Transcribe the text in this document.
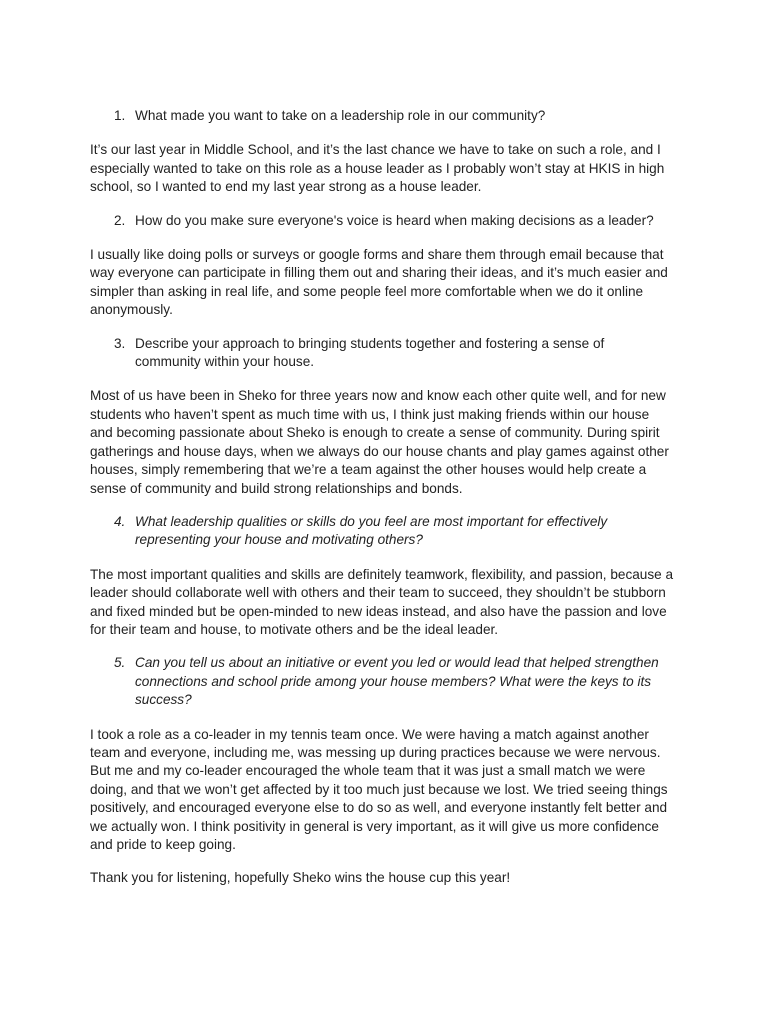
1. What made you want to take on a leadership role in our community?

It’s our last year in Middle School, and it’s the last chance we have to take on such a role, and I especially wanted to take on this role as a house leader as I probably won’t stay at HKIS in high school, so I wanted to end my last year strong as a house leader.

2. How do you make sure everyone's voice is heard when making decisions as a leader?

I usually like doing polls or surveys or google forms and share them through email because that way everyone can participate in filling them out and sharing their ideas, and it’s much easier and simpler than asking in real life, and some people feel more comfortable when we do it online anonymously.

3. Describe your approach to bringing students together and fostering a sense of community within your house.

Most of us have been in Sheko for three years now and know each other quite well, and for new students who haven’t spent as much time with us, I think just making friends within our house and becoming passionate about Sheko is enough to create a sense of community. During spirit gatherings and house days, when we always do our house chants and play games against other houses, simply remembering that we’re a team against the other houses would help create a sense of community and build strong relationships and bonds.

4. What leadership qualities or skills do you feel are most important for effectively representing your house and motivating others?

The most important qualities and skills are definitely teamwork, flexibility, and passion, because a leader should collaborate well with others and their team to succeed, they shouldn’t be stubborn and fixed minded but be open-minded to new ideas instead, and also have the passion and love for their team and house, to motivate others and be the ideal leader.

5. Can you tell us about an initiative or event you led or would lead that helped strengthen connections and school pride among your house members? What were the keys to its success?

I took a role as a co-leader in my tennis team once. We were having a match against another team and everyone, including me, was messing up during practices because we were nervous. But me and my co-leader encouraged the whole team that it was just a small match we were doing, and that we won’t get affected by it too much just because we lost. We tried seeing things positively, and encouraged everyone else to do so as well, and everyone instantly felt better and we actually won. I think positivity in general is very important, as it will give us more confidence and pride to keep going.

Thank you for listening, hopefully Sheko wins the house cup this year!
